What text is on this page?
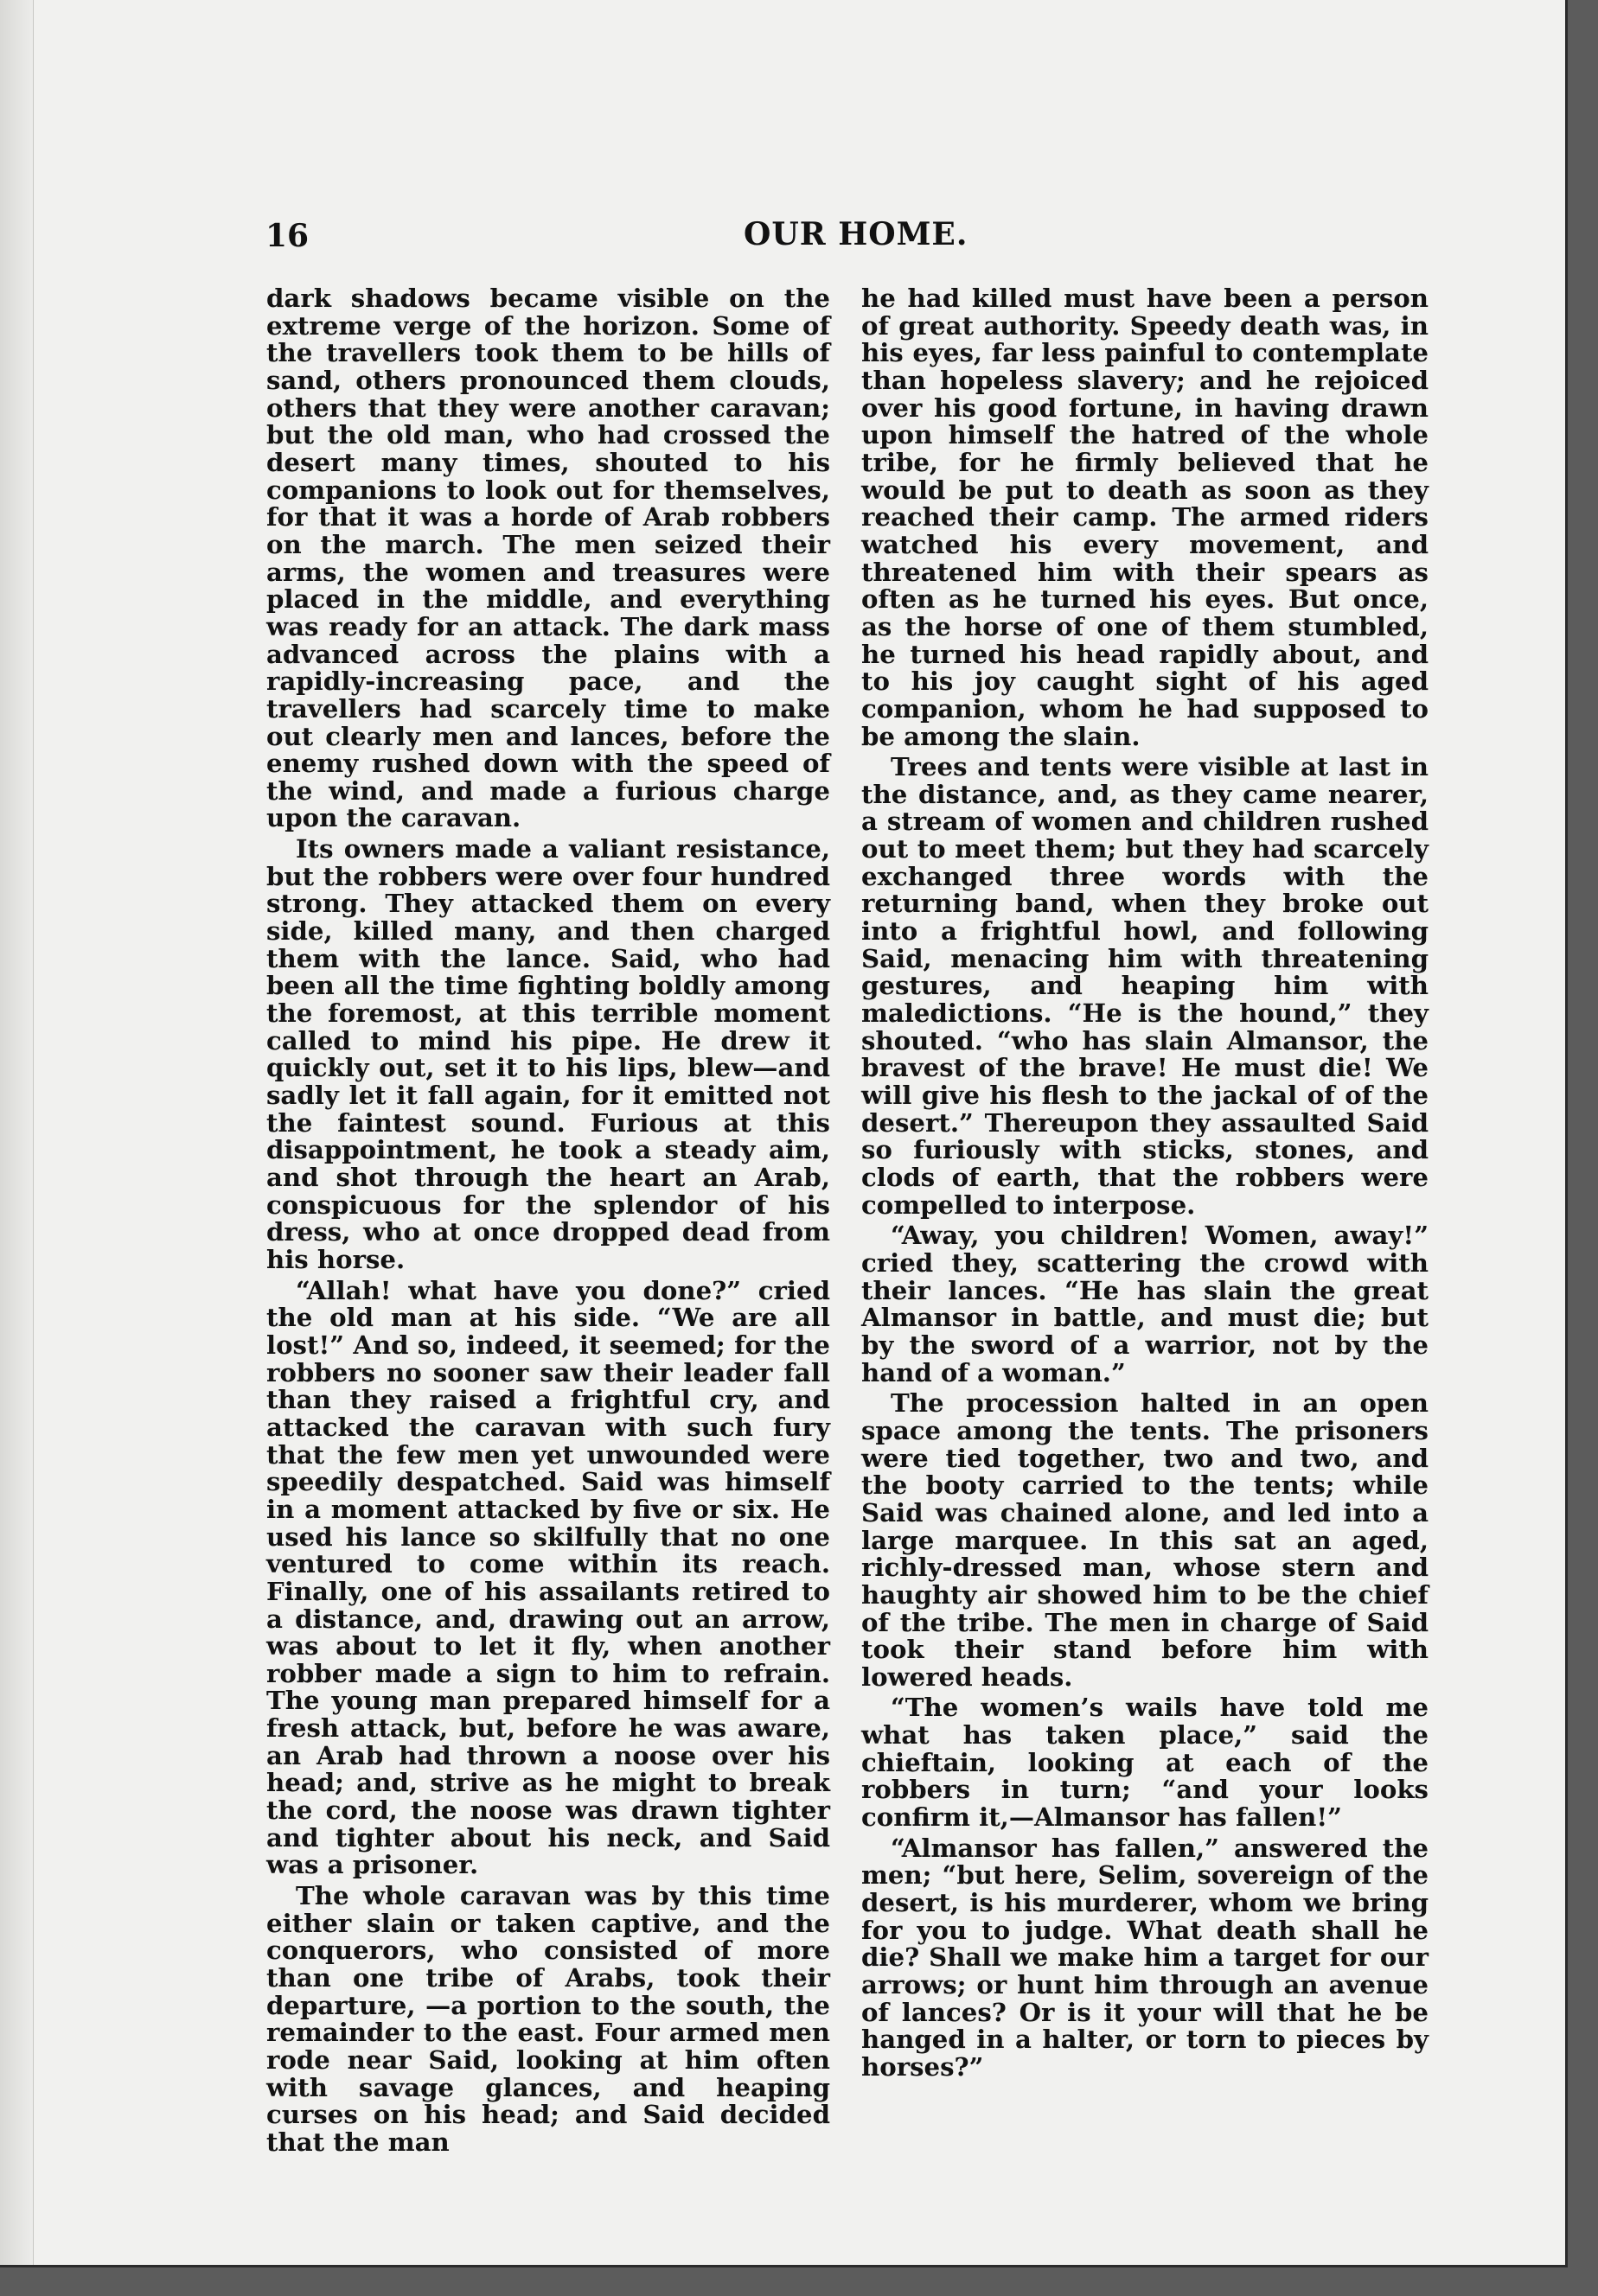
16	OUR HOME.

dark shadows became visible on the extreme verge of the horizon. Some of the travellers took them to be hills of sand, others pronounced them clouds, others that they were another caravan; but the old man, who had crossed the desert many times, shouted to his companions to look out for themselves, for that it was a horde of Arab robbers on the march. The men seized their arms, the women and treasures were placed in the middle, and everything was ready for an attack. The dark mass advanced across the plains with a rapidly-increasing pace, and the travellers had scarcely time to make out clearly men and lances, before the enemy rushed down with the speed of the wind, and made a furious charge upon the caravan.

Its owners made a valiant resistance, but the robbers were over four hundred strong. They attacked them on every side, killed many, and then charged them with the lance. Said, who had been all the time fighting boldly among the foremost, at this terrible moment called to mind his pipe. He drew it quickly out, set it to his lips, blew—and sadly let it fall again, for it emitted not the faintest sound. Furious at this disappointment, he took a steady aim, and shot through the heart an Arab, conspicuous for the splendor of his dress, who at once dropped dead from his horse.

“Allah! what have you done?” cried the old man at his side. “We are all lost!” And so, indeed, it seemed; for the robbers no sooner saw their leader fall than they raised a frightful cry, and attacked the caravan with such fury that the few men yet unwounded were speedily despatched. Said was himself in a moment attacked by five or six. He used his lance so skilfully that no one ventured to come within its reach. Finally, one of his assailants retired to a distance, and, drawing out an arrow, was about to let it fly, when another robber made a sign to him to refrain. The young man prepared himself for a fresh attack, but, before he was aware, an Arab had thrown a noose over his head; and, strive as he might to break the cord, the noose was drawn tighter and tighter about his neck, and Said was a prisoner.

The whole caravan was by this time either slain or taken captive, and the conquerors, who consisted of more than one tribe of Arabs, took their departure, —a portion to the south, the remainder to the east. Four armed men rode near Said, looking at him often with savage glances, and heaping curses on his head; and Said decided that the man

he had killed must have been a person of great authority. Speedy death was, in his eyes, far less painful to contemplate than hopeless slavery; and he rejoiced over his good fortune, in having drawn upon himself the hatred of the whole tribe, for he firmly believed that he would be put to death as soon as they reached their camp. The armed riders watched his every movement, and threatened him with their spears as often as he turned his eyes. But once, as the horse of one of them stumbled, he turned his head rapidly about, and to his joy caught sight of his aged companion, whom he had supposed to be among the slain.

Trees and tents were visible at last in the distance, and, as they came nearer, a stream of women and children rushed out to meet them; but they had scarcely exchanged three words with the returning band, when they broke out into a frightful howl, and following Said, menacing him with threatening gestures, and heaping him with maledictions. “He is the hound,” they shouted. “who has slain Almansor, the bravest of the brave! He must die! We will give his flesh to the jackal of of the desert.” Thereupon they assaulted Said so furiously with sticks, stones, and clods of earth, that the robbers were compelled to interpose.

“Away, you children! Women, away!” cried they, scattering the crowd with their lances. “He has slain the great Almansor in battle, and must die; but by the sword of a warrior, not by the hand of a woman.”

The procession halted in an open space among the tents. The prisoners were tied together, two and two, and the booty carried to the tents; while Said was chained alone, and led into a large marquee. In this sat an aged, richly-dressed man, whose stern and haughty air showed him to be the chief of the tribe. The men in charge of Said took their stand before him with lowered heads.

“The women’s wails have told me what has taken place,” said the chieftain, looking at each of the robbers in turn; “and your looks confirm it,—Almansor has fallen!”

“Almansor has fallen,” answered the men; “but here, Selim, sovereign of the desert, is his murderer, whom we bring for you to judge. What death shall he die? Shall we make him a target for our arrows; or hunt him through an avenue of lances? Or is it your will that he be hanged in a halter, or torn to pieces by horses?”
